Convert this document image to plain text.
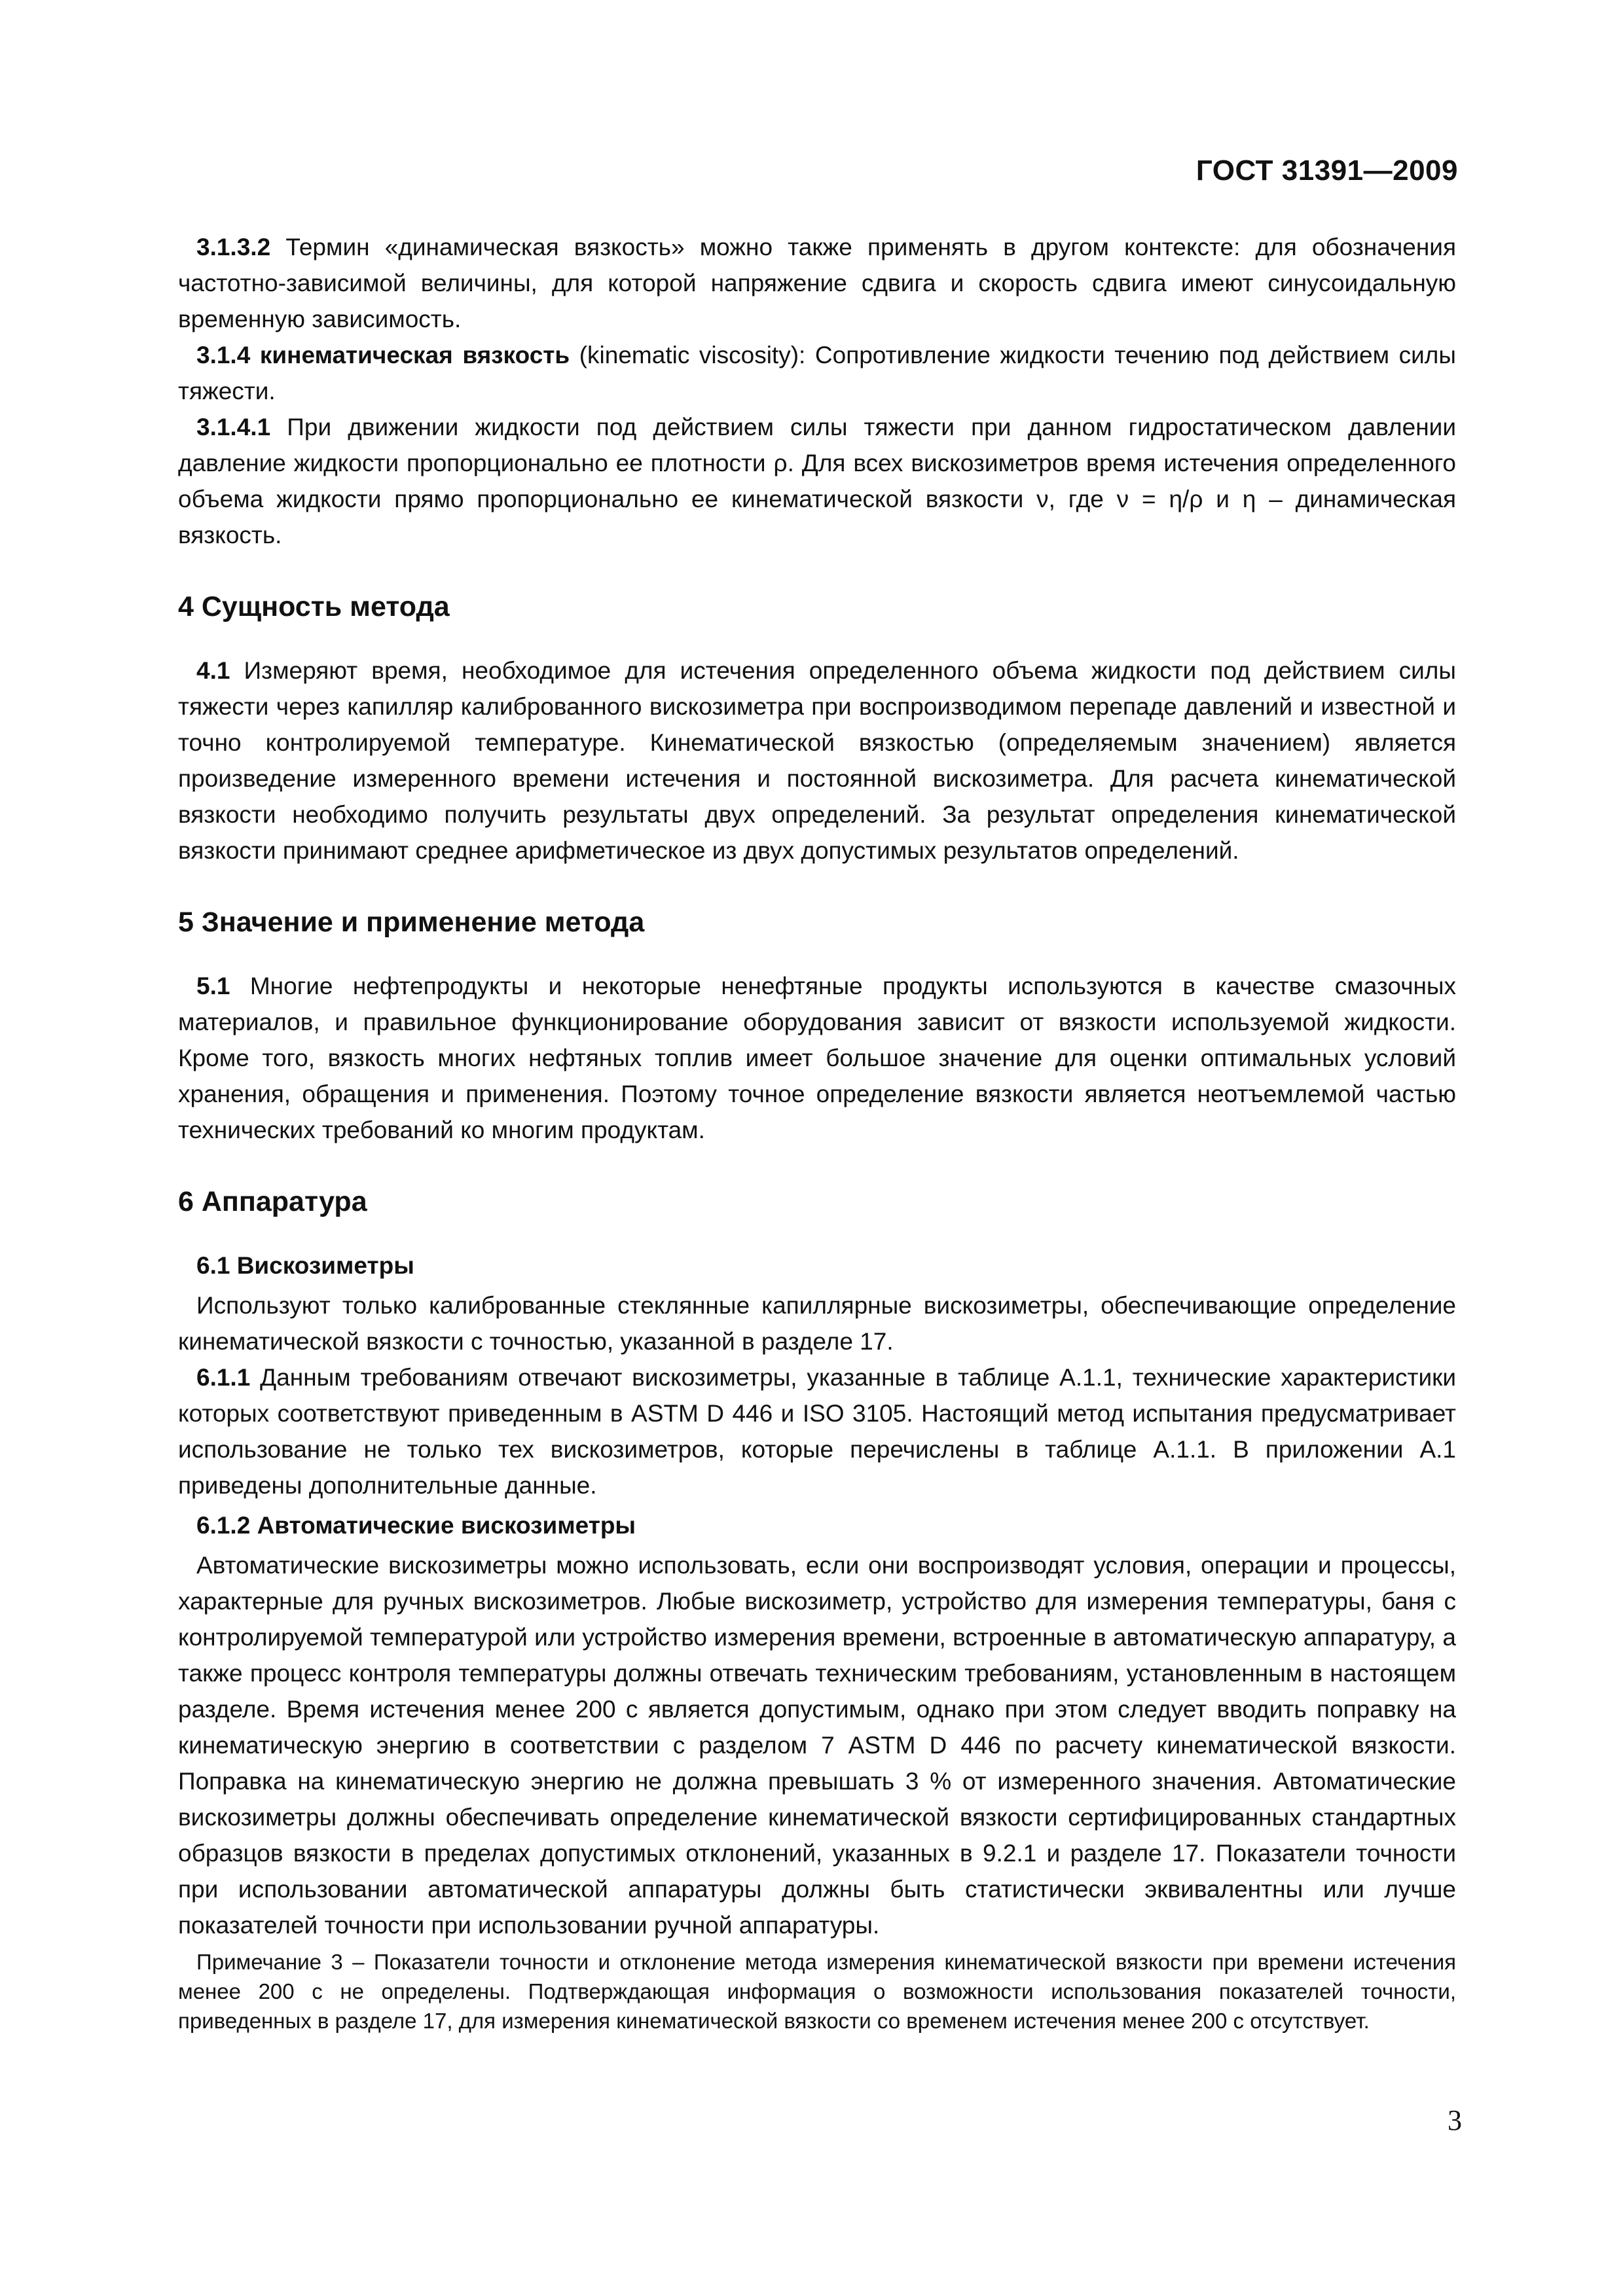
ГОСТ 31391—2009

3.1.3.2 Термин «динамическая вязкость» можно также применять в другом контексте: для обозначения частотно-зависимой величины, для которой напряжение сдвига и скорость сдвига имеют синусоидальную временную зависимость.

3.1.4 кинематическая вязкость (kinematic viscosity): Сопротивление жидкости течению под действием силы тяжести.

3.1.4.1 При движении жидкости под действием силы тяжести при данном гидростатическом давлении давление жидкости пропорционально ее плотности ρ. Для всех вискозиметров время истечения определенного объема жидкости прямо пропорционально ее кинематической вязкости ν, где ν = η/ρ и η – динамическая вязкость.

4 Сущность метода

4.1 Измеряют время, необходимое для истечения определенного объема жидкости под действием силы тяжести через капилляр калиброванного вискозиметра при воспроизводимом перепаде давлений и известной и точно контролируемой температуре. Кинематической вязкостью (определяемым значением) является произведение измеренного времени истечения и постоянной вискозиметра. Для расчета кинематической вязкости необходимо получить результаты двух определений. За результат определения кинематической вязкости принимают среднее арифметическое из двух допустимых результатов определений.

5 Значение и применение метода

5.1 Многие нефтепродукты и некоторые ненефтяные продукты используются в качестве смазочных материалов, и правильное функционирование оборудования зависит от вязкости используемой жидкости. Кроме того, вязкость многих нефтяных топлив имеет большое значение для оценки оптимальных условий хранения, обращения и применения. Поэтому точное определение вязкости является неотъемлемой частью технических требований ко многим продуктам.

6 Аппаратура

6.1 Вискозиметры

Используют только калиброванные стеклянные капиллярные вискозиметры, обеспечивающие определение кинематической вязкости с точностью, указанной в разделе 17.

6.1.1 Данным требованиям отвечают вискозиметры, указанные в таблице А.1.1, технические характеристики которых соответствуют приведенным в ASTM D 446 и ISO 3105. Настоящий метод испытания предусматривает использование не только тех вискозиметров, которые перечислены в таблице А.1.1. В приложении А.1 приведены дополнительные данные.

6.1.2 Автоматические вискозиметры

Автоматические вискозиметры можно использовать, если они воспроизводят условия, операции и процессы, характерные для ручных вискозиметров. Любые вискозиметр, устройство для измерения температуры, баня с контролируемой температурой или устройство измерения времени, встроенные в автоматическую аппаратуру, а также процесс контроля температуры должны отвечать техническим требованиям, установленным в настоящем разделе. Время истечения менее 200 с является допустимым, однако при этом следует вводить поправку на кинематическую энергию в соответствии с разделом 7 ASTM D 446 по расчету кинематической вязкости. Поправка на кинематическую энергию не должна превышать 3 % от измеренного значения. Автоматические вискозиметры должны обеспечивать определение кинематической вязкости сертифицированных стандартных образцов вязкости в пределах допустимых отклонений, указанных в 9.2.1 и разделе 17. Показатели точности при использовании автоматической аппаратуры должны быть статистически эквивалентны или лучше показателей точности при использовании ручной аппаратуры.

Примечание 3 – Показатели точности и отклонение метода измерения кинематической вязкости при времени истечения менее 200 с не определены. Подтверждающая информация о возможности использования показателей точности, приведенных в разделе 17, для измерения кинематической вязкости со временем истечения менее 200 с отсутствует.

3
